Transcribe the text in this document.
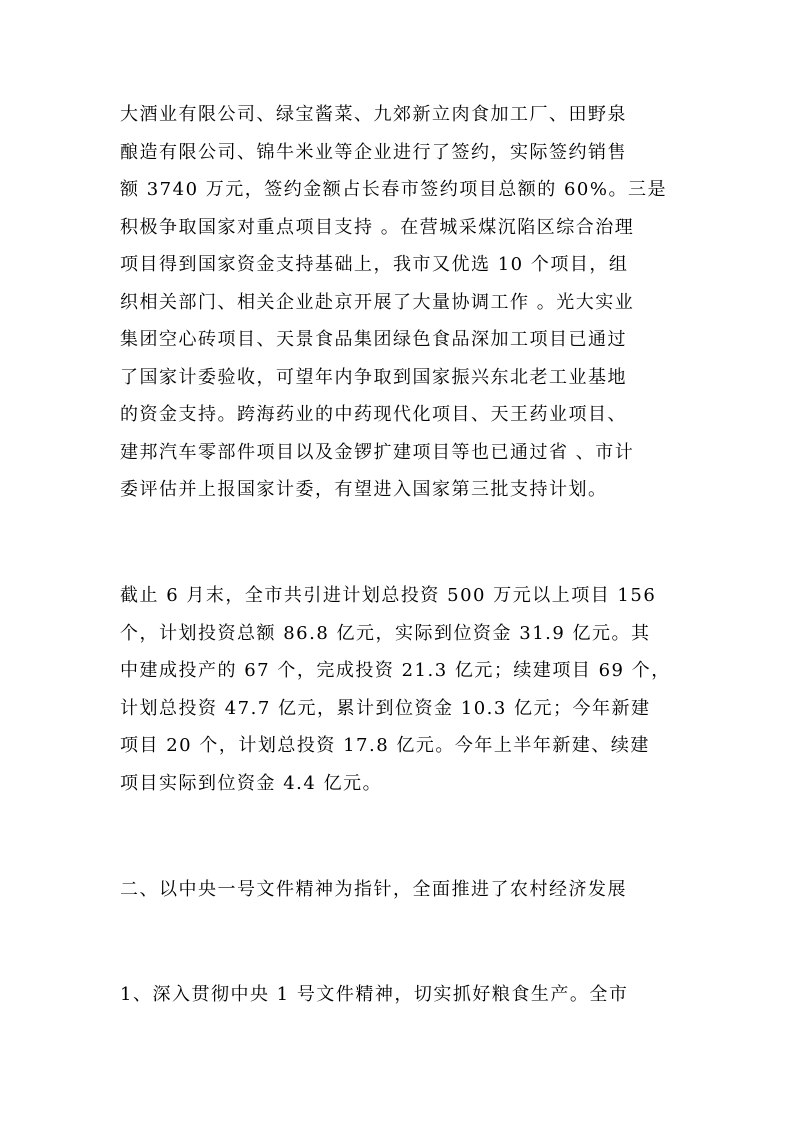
大酒业有限公司、绿宝酱菜、九郊新立肉食加工厂、田野泉
酿造有限公司、锦牛米业等企业进行了签约，实际签约销售
额 3740 万元，签约金额占长春市签约项目总额的 60%。三是
积极争取国家对重点项目支持 。在营城采煤沉陷区综合治理
项目得到国家资金支持基础上，我市又优选 10 个项目，组
织相关部门、相关企业赴京开展了大量协调工作 。光大实业
集团空心砖项目、天景食品集团绿色食品深加工项目已通过
了国家计委验收，可望年内争取到国家振兴东北老工业基地
的资金支持。跨海药业的中药现代化项目、天王药业项目、
建邦汽车零部件项目以及金锣扩建项目等也已通过省 、市计
委评估并上报国家计委，有望进入国家第三批支持计划。
截止 6 月末，全市共引进计划总投资 500 万元以上项目 156
个，计划投资总额 86.8 亿元，实际到位资金 31.9 亿元。其
中建成投产的 67 个，完成投资 21.3 亿元；续建项目 69 个，
计划总投资 47.7 亿元，累计到位资金 10.3 亿元；今年新建
项目 20 个，计划总投资 17.8 亿元。今年上半年新建、续建
项目实际到位资金 4.4 亿元。
二、以中央一号文件精神为指针，全面推进了农村经济发展
1、深入贯彻中央 1 号文件精神，切实抓好粮食生产。全市
